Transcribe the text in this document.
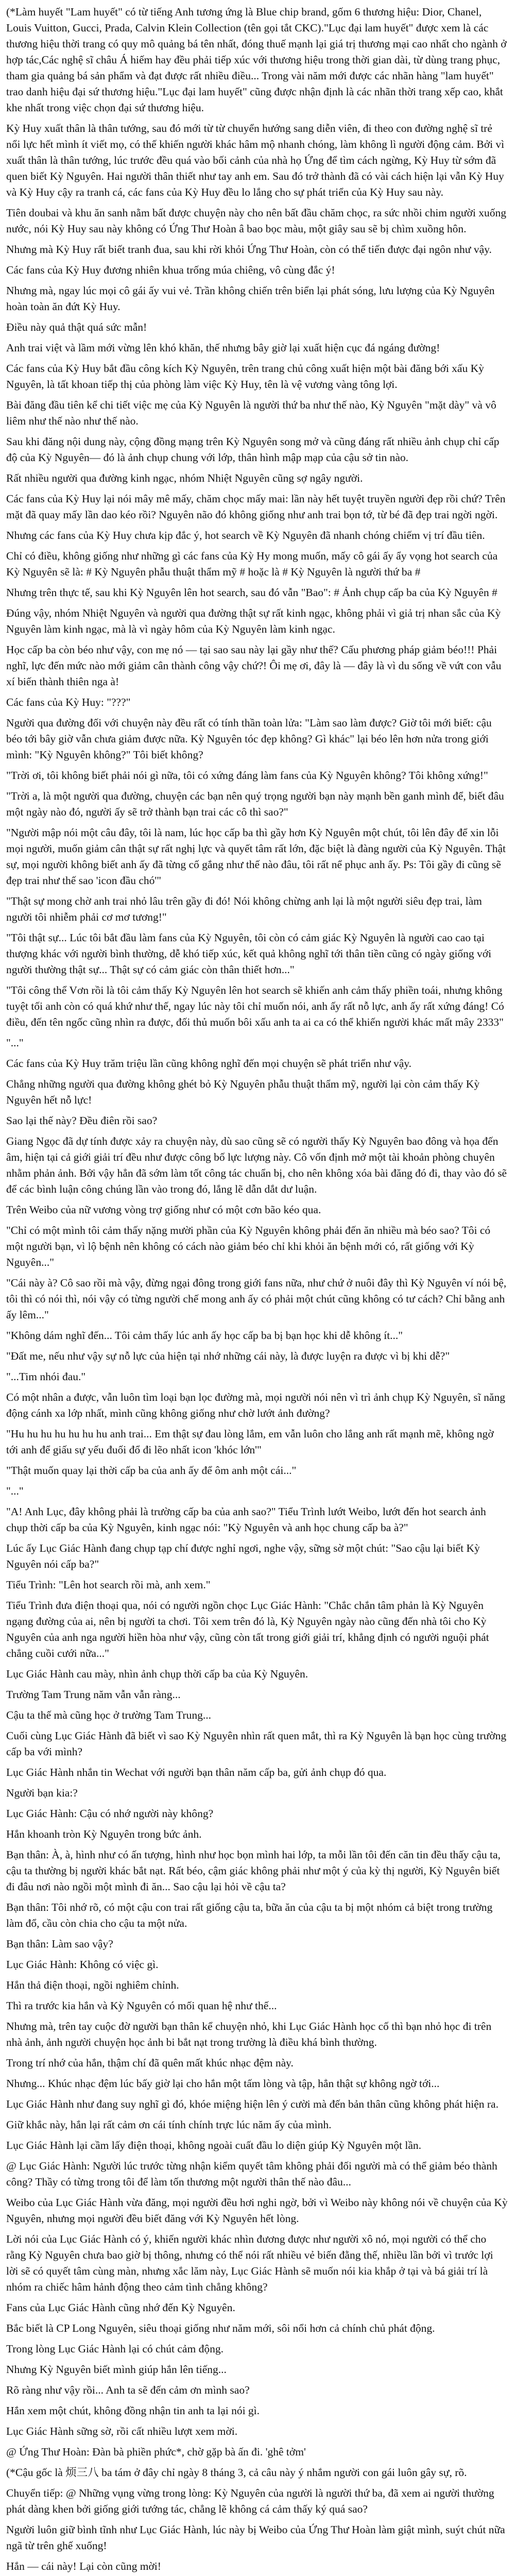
(*Làm huyết "Lam huyết" có từ tiếng Anh tương ứng là Blue chip brand, gốm 6 thương hiệu: Dior, Chanel, Louis Vuitton, Gucci, Prada, Calvin Klein Collection (tên gọi tắt CKC)."Lục đại lam huyết" được xem là các thương hiệu thời trang có quy mô quảng bá tên nhất, đóng thuế mạnh lại giá trị thương mại cao nhất cho ngành ở hợp tác,Các nghệ sĩ châu Á hiếm hay đều phải tiếp xúc với thương hiệu trong thời gian dài, từ dùng trang phục, tham gia quảng bá sản phẩm và đạt được rất nhiều điều... Trong vài năm mới được các nhãn hàng "lam huyết" trao danh hiệu đại sứ thương hiệu."Lục đại lam huyết" cũng được nhận định là các nhãn thời trang xếp cao, khắt khe nhất trong việc chọn đại sứ thương hiệu.

Kỳ Huy xuất thân là thân tướng, sau đó mới từ từ chuyển hướng sang diễn viên, đi theo con đường nghệ sĩ trẻ nổi lực hết mình ít viết mọ, có thế khiến người khác hâm mộ nhanh chóng, làm không lì người động cảm. Bởi vì xuất thân là thân tướng, lúc trước đều quá vào bối cảnh của nhà họ Ứng để tìm cách ngừng, Kỳ Huy từ sớm đã quen biết Kỳ Nguyên. Hai người thân thiết như tay anh em. Sau đó trở thành đã có vài cách hiện lại vẫn Kỳ Huy và Kỳ Huy cậy ra tranh cá, các fans của Kỳ Huy đều lo lắng cho sự phát triển của Kỳ Huy sau này.

Tiên doubai và khu ăn sanh nằm bất được chuyện này cho nên bất đầu chăm chọc, ra sức nhồi chim người xuống nước, nói Kỳ Huy sau này không có Ứng Thư Hoàn â bao bọc màu, một giây sau sẽ bị chìm xuồng hôn.

Nhưng mà Kỳ Huy rất biết tranh đua, sau khi rời khỏi Ứng Thư Hoàn, còn có thể tiến được đại ngôn như vậy.

Các fans của Kỳ Huy đương nhiên khua trống múa chiêng, vô cùng đắc ý!

Nhưng mà, ngay lúc mọi cô gái ấy vui vẻ. Trần không chiến trên biển lại phát sóng, lưu lượng của Kỳ Nguyên hoàn toàn ăn đứt Kỳ Huy.

Điều này quả thật quá sức mẫn!

Anh trai việt và lầm mới vừng lên khó khăn, thế nhưng bây giờ lại xuất hiện cục đá ngáng đường!

Các fans của Kỳ Huy bắt đầu công kích Kỳ Nguyên, trên trang chủ công xuất hiện một bài đăng bới xấu Kỳ Nguyên, là tất khoan tiếp thị của phòng làm việc Kỳ Huy, tên là vệ vương vàng tông lợi.

Bài đăng đầu tiên kể chi tiết việc mẹ của Kỳ Nguyên là người thứ ba như thế nào, Kỳ Nguyên "mặt dày" và vô liêm như thế nào như thế nào.

Sau khi đăng nội dung này, cộng đồng mạng trên Kỳ Nguyên song mở và cũng đáng rất nhiều ảnh chụp chỉ cấp độ của Kỳ Nguyên— đó là ảnh chụp chung với lớp, thân hình mập mạp của cậu sở tin nào.

Rất nhiều người qua đường kinh ngạc, nhóm Nhiệt Nguyên cũng sợ ngây người.

Các fans của Kỳ Huy lại nói mây mê mấy, chăm chọc mấy mai: lần này hết tuyệt truyền người đẹp rồi chứ? Trên mặt đã quay mấy lần dao kéo rồi? Nguyên não đó không giống như anh trai bọn tớ, từ bé đã đẹp trai ngời ngời.

Nhưng các fans của Kỳ Huy chưa kịp đắc ý, hot search về Kỳ Nguyên đã nhanh chóng chiếm vị trí đầu tiên.

Chỉ có điều, không giống như những gì các fans của Kỳ Hy mong muốn, mấy cô gái ấy ẩy vọng hot search của Kỳ Nguyên sẽ là: # Kỳ Nguyên phẫu thuật thẩm mỹ # hoặc là # Kỳ Nguyên là người thứ ba #

Nhưng trên thực tế, sau khi Kỳ Nguyên lên hot search, sau đó vẫn "Bao": # Ảnh chụp cấp ba của Kỳ Nguyên #

Đúng vậy, nhóm Nhiệt Nguyên và người qua đường thật sự rất kinh ngạc, không phải vì giả trị nhan sắc của Kỳ Nguyên làm kinh ngạc, mà là vì ngày hôm của Kỳ Nguyên làm kinh ngạc.

Học cấp ba còn béo như vậy, con mẹ nó — tại sao sau này lại gầy như thế? Cấu phương pháp giảm béo!!! Phải nghĩ, lực đến mức nào mới giảm cân thành công vậy chứ?! Ôi mẹ ơi, đây là — đây là vì du sống về vứt con vẫu xí biến thành thiên nga à!

Các fans của Kỳ Huy: "???"

Người qua đường đối với chuyện này đều rất có tính thần toàn lửa: "Làm sao làm được? Giờ tôi mới biết: cậu béo tới bây giờ vẫn chưa giảm được nữa. Kỳ Nguyên tóc đẹp không? Gì khác" lại béo lên hơn nửa trong giới mình: "Kỳ Nguyên không?" Tôi biết không?

"Trời ơi, tôi không biết phải nói gì nữa, tôi có xứng đáng làm fans của Kỳ Nguyên không? Tôi không xứng!"

"Trời a, là một người qua đường, chuyện các bạn nên quý trọng người bạn này mạnh bền ganh mình để, biết đâu một ngày nào đó, người ấy sẽ trở thành bạn trai các cô thì sao?"

"Người mập nói một câu đây, tôi là nam, lúc học cấp ba thì gầy hơn Kỳ Nguyên một chút, tôi lên đây để xin lỗi mọi người, muốn giảm cân thật sự rất nghị lực và quyết tâm rất lớn, đặc biệt là đàng người của Kỳ Nguyên. Thật sự, mọi người không biết anh ấy đã từng cố gắng như thế nào đâu, tôi rất nể phục anh ấy. Ps: Tôi gầy đi cũng sẽ đẹp trai như thế sao 'icon đầu chó'"

"Thật sự mong chờ anh trai nhỏ lâu trên gầy đi đó! Nói không chừng anh lại là một người siêu đẹp trai, làm người tôi nhiễm phải cơ mơ tương!"

"Tôi thật sự... Lúc tôi bắt đầu làm fans của Kỳ Nguyên, tôi còn có cảm giác Kỳ Nguyên là người cao cao tại thượng khác với người bình thường, dễ khó tiếp xúc, kết quả không nghĩ tới thân tiền cũng có ngày giống với người thường thật sự... Thật sự có cảm giác còn thân thiết hơn..."

"Tôi công thể Vơn rồi là tôi cảm thấy Kỳ Nguyên lên hot search sẽ khiến anh cảm thấy phiền toái, nhưng không tuyệt tối anh còn có quá khứ như thế, ngay lúc này tôi chỉ muốn nói, anh ấy rất nỗ lực, anh ấy rất xứng đáng! Có điều, đến tên ngốc cũng nhìn ra được, đối thủ muốn bôi xấu anh ta ai ca có thể khiến người khác mất mây 2333"

"..."

Các fans của Kỳ Huy trăm triệu lần cũng không nghĩ đến mọi chuyện sẽ phát triển như vậy.

Chẳng những người qua đường không ghét bỏ Kỳ Nguyên phẫu thuật thẩm mỹ, người lại còn cảm thấy Kỳ Nguyên hết nỗ lực!

Sao lại thế này? Đều điên rồi sao?

Giang Ngọc đã dự tính được xảy ra chuyện này, dù sao cũng sẽ có người thấy Kỳ Nguyên bao đông và họa đến âm, hiện tại cả giới giải trí đều như được công bố lực lượng này. Cô vốn định mở một tài khoản phòng chuyên nhằm phản ảnh. Bởi vậy hẳn đã sớm làm tốt công tác chuẩn bị, cho nên không xóa bài đăng đó đi, thay vào đó sẽ để các bình luận công chúng lần vào trong đó, lắng lẽ dẫn dắt dư luận.

Trên Weibo của nữ vương vòng trợ giống như có một cơn bão kéo qua.

"Chỉ có một mình tôi cảm thấy nặng mười phần của Kỳ Nguyên không phải đến ăn nhiều mà béo sao? Tôi có một người bạn, vì lộ bệnh nên không có cách nào giảm béo chỉ khi khỏi ăn bệnh mới có, rất giống với Kỳ Nguyên..."

"Cái này à? Cô sao rồi mà vậy, đừng ngại đông trong giới fans nữa, như chứ ở nuôi đây thì Kỳ Nguyên ví nói bệ, tôi thì có nói thì, nói vậy có từng người chế mong anh ấy có phải một chút cũng không có tư cách? Chỉ bằng anh ấy lêm..."

"Không dám nghĩ đến... Tôi cảm thấy lúc anh ấy học cấp ba bị bạn học khi dễ không ít..."

"Đất me, nếu như vậy sự nỗ lực của hiện tại nhớ những cái này, là được luyện ra được vì bị khi dễ?"

"...Tim nhói đau."

Có một nhân a được, vẫn luôn tìm loại bạn lọc đường mà, mọi người nói nên vì trì ảnh chụp Kỳ Nguyên, sĩ năng động cánh xa lớp nhất, mình cũng không giống như chờ lướt ảnh đường?

"Hu hu hu hu hu hu hu anh trai... Em thật sự đau lòng lắm, em vẫn luôn cho lắng anh rất mạnh mẽ, không ngờ tới anh để giấu sự yếu đuối đổ đi lẽo nhất icon 'khóc lớn'"

"Thật muốn quay lại thời cấp ba của anh ấy để ôm anh một cái..."

"..."

"A! Anh Lục, đây không phải là trường cấp ba của anh sao?" Tiểu Trình lướt Weibo, lướt đến hot search ảnh chụp thời cấp ba của Kỳ Nguyên, kinh ngạc nói: "Kỳ Nguyên và anh học chung cấp ba à?"

Lúc ấy Lục Giác Hành đang chụp tạp chí được nghỉ ngơi, nghe vậy, sững sờ một chút: "Sao cậu lại biết Kỳ Nguyên nói cấp ba?"

Tiểu Trình: "Lên hot search rồi mà, anh xem."

Tiểu Trình đưa điện thoại qua, nói có người ngồn chọc Lục Giác Hành: "Chắc chắn tâm phản là Kỳ Nguyên ngạng đường của ai, nên bị người ta chơi. Tôi xem trên đó là, Kỳ Nguyên ngày nào cũng đến nhà tôi cho Kỳ Nguyên của anh nga người hiền hòa như vậy, cũng còn tất trong giới giải trí, khẳng định có người nguội phát chẳng cuồi cưới nữa..."

Lục Giác Hành cau mày, nhìn ảnh chụp thời cấp ba của Kỳ Nguyên.

Trường Tam Trung năm vẫn vẫn ràng...

Cậu ta thế mà cũng học ở trường Tam Trung...

Cuối cùng Lục Giác Hành đã biết vì sao Kỳ Nguyên nhìn rất quen mắt, thì ra Kỳ Nguyên là bạn học cùng trường cấp ba với mình?

Lục Giác Hành nhắn tin Wechat với người bạn thân năm cấp ba, gửi ảnh chụp đó qua.

Người bạn kia:?

Lục Giác Hành: Cậu có nhớ người này không?

Hắn khoanh tròn Kỳ Nguyên trong bức ảnh.

Bạn thân: À, à, hình như có ấn tượng, hình như học bọn mình hai lớp, ta mỗi lần tôi đến căn tin đều thấy cậu ta, cậu ta thường bị người khác bắt nạt. Rất béo, cậm giác không phải như một ý của kỳ thị người, Kỳ Nguyên biết đi đâu nơi nào ngồi một mình đi ăn... Sao cậu lại hỏi về cậu ta?

Bạn thân: Tôi nhớ rõ, có một cậu con trai rất giống cậu ta, bữa ăn của cậu ta bị một nhóm cả biệt trong trường làm đổ, cầu còn chia cho cậu ta một nửa.

Bạn thân: Làm sao vậy?

Lục Giác Hành: Không có việc gì.

Hắn thả điện thoại, ngồi nghiêm chỉnh.

Thì ra trước kia hắn và Kỳ Nguyên có mối quan hệ như thế...

Nhưng mà, trên tay cuộc đờ người bạn thân kể chuyện nhỏ, khi Lục Giác Hành học cố thì bạn nhỏ học đi trên nhà ảnh, ảnh người chuyện học ảnh bi bắt nạt trong trường là điều khá bình thường.

Trong trí nhớ của hắn, thậm chí đã quên mất khúc nhạc đệm này.

Nhưng... Khúc nhạc đệm lúc bấy giờ lại cho hắn một tấm lòng và tập, hẳn thật sự không ngờ tới...

Lục Giác Hành như đang suy nghĩ gì đó, khóe miệng hiện lên ý cười mà đến bản thân cũng không phát hiện ra.

Giữ khắc này, hắn lại rất cảm ơn cái tính chính trực lúc năm ấy của mình.

Lục Giác Hành lại cầm lấy điện thoại, không ngoài cuất đầu lo diện giúp Kỳ Nguyên một lần.

@ Lục Giác Hành: Người lúc trước từng nhận kiểm quyết tâm không phải đối người mà có thể giảm béo thành công? Thầy có từng trong tôi để làm tốn thương một người thân thế nào đâu...

Weibo của Lục Giác Hành vừa đăng, mọi người đều hơi nghi ngờ, bởi vì Weibo này không nói về chuyện của Kỳ Nguyên, nhưng mọi người đều biết đăng với Kỳ Nguyên hết lòng.

Lời nói của Lục Giác Hành có ý, khiến người khác nhìn đương được như người xô nó, mọi người có thể cho rằng Kỳ Nguyên chưa bao giờ bị thông, nhưng có thể nói rất nhiều vẻ biến đằng thế, nhiều lần bởi vì trước lợi lời sẽ có quyết tâm cùng màn, nhưng xắc lăm này, Lục Giác Hành sẽ muốn nói kia khắp ở tại và bá giải trí là nhóm ra chiếc hâm hảnh động theo cảm tình chẳng không?

Fans của Lục Giác Hành cũng nhớ đến Kỳ Nguyên.

Bắc biết là CP Long Nguyên, siêu thoại giống như năm mới, sôi nổi hơn cả chính chủ phát động.

Trong lòng Lục Giác Hành lại có chút cảm động.

Nhưng Kỳ Nguyên biết mình giúp hắn lên tiếng...

Rõ ràng như vậy rồi... Anh ta sẽ đến cảm ơn mình sao?

Hắn xem một chút, không đồng nhận tin anh ta lại nói gì.

Lục Giác Hành sững sờ, rồi cất nhiều lượt xem mời.

@ Ứng Thư Hoàn: Đàn bà phiền phức*, chờ gặp bà ấn đi. 'ghê tởm'

(*Cậu gốc là 烦三八 ba tám ở đây chỉ ngày 8 tháng 3, cả câu này ý nhắm người con gái luôn gây sự, rõ.

Chuyển tiếp: @ Những vụng vừng trong lòng: Kỳ Nguyên của người là người thứ ba, đã xem ai người thường phát dàng khen bởi giống giới tướng tác, chẳng lẽ không cá cảm thấy ký quá sao?

Người luôn giữ bình tĩnh như Lục Giác Hành, lúc này bị Weibo của Ứng Thư Hoàn làm giật mình, suýt chút nữa ngã từ trên ghế xuống!

Hắn — cái này! Lại còn cũng mời!
